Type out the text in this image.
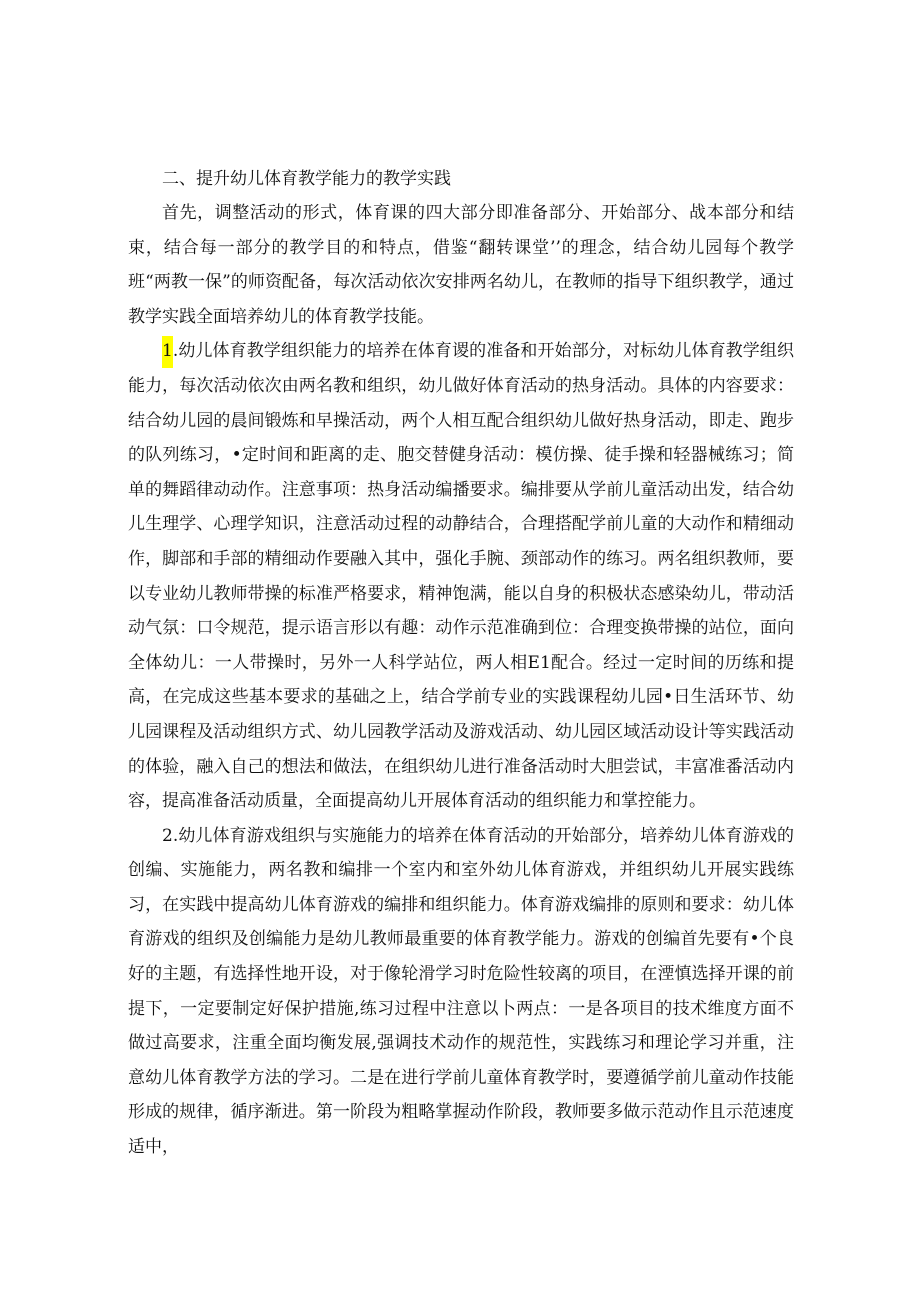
二、提升幼儿体育教学能力的教学实践

首先，调整活动的形式，体育课的四大部分即准备部分、开始部分、战本部分和结束，结合每一部分的教学目的和特点，借鉴“翻转课堂’’的理念，结合幼儿园每个教学班“两教一保”的师资配备，每次活动依次安排两名幼儿，在教师的指导下组织教学，通过教学实践全面培养幼儿的体育教学技能。

1.幼儿体育教学组织能力的培养在体育谡的准备和开始部分，对标幼儿体育教学组织能力，每次活动依次由两名教和组织，幼儿做好体育活动的热身活动。具体的内容要求：结合幼儿园的晨间锻炼和早操活动，两个人相互配合组织幼儿做好热身活动，即走、跑步的队列练习，•定时间和距离的走、胞交替健身活动：模仿操、徒手操和轻器械练习；简单的舞蹈律动动作。注意事项：热身活动编播要求。编排要从学前儿童活动出发，结合幼儿生理学、心理学知识，注意活动过程的动静结合，合理搭配学前儿童的大动作和精细动作，脚部和手部的精细动作要融入其中，强化手腕、颈部动作的练习。两名组织教师，要以专业幼儿教师带操的标准严格要求，精神饱满，能以自身的积极状态感染幼儿，带动活动气氛：口令规范，提示语言形以有趣：动作示范准确到位：合理变换带操的站位，面向全体幼儿：一人带操时，另外一人科学站位，两人相E1配合。经过一定时间的历练和提高，在完成这些基本要求的基础之上，结合学前专业的实践课程幼儿园•日生活环节、幼儿园课程及活动组织方式、幼儿园教学活动及游戏活动、幼儿园区域活动设计等实践活动的体验，融入自己的想法和做法，在组织幼儿进行准备活动时大胆尝试，丰富准番活动内容，提高准备活动质量，全面提高幼儿开展体育活动的组织能力和掌控能力。

2.幼儿体育游戏组织与实施能力的培养在体育活动的开始部分，培养幼儿体育游戏的创编、实施能力，两名教和编排一个室内和室外幼儿体育游戏，并组织幼儿开展实践练习，在实践中提高幼儿体育游戏的编排和组织能力。体育游戏编排的原则和要求：幼儿体育游戏的组织及创编能力是幼儿教师最重要的体育教学能力。游戏的创编首先要有•个良好的主题，有选择性地开设，对于像轮滑学习时危险性较离的项目，在湮慎选择开课的前提下，一定要制定好保护措施,练习过程中注意以卜两点：一是各项目的技术维度方面不做过高要求，注重全面均衡发展,强调技术动作的规范性，实践练习和理论学习并重，注意幼儿体育教学方法的学习。二是在进行学前儿童体育教学时，要遵循学前儿童动作技能形成的规律，循序渐进。第一阶段为粗略掌握动作阶段，教师要多做示范动作且示范速度适中，
